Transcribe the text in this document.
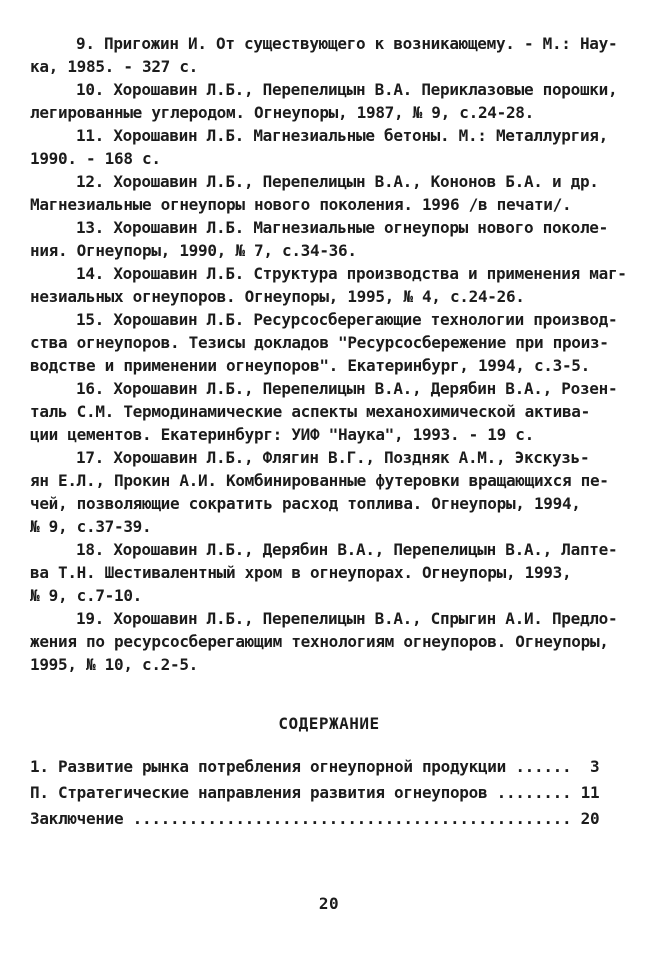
9. Пригожин И. От существующего к возникающему. - М.: Нау-
ка, 1985. - 327 с.
10. Хорошавин Л.Б., Перепелицын В.А. Периклазовые порошки,
легированные углеродом. Огнеупоры, 1987, № 9, с.24-28.
11. Хорошавин Л.Б. Магнезиальные бетоны. М.: Металлургия,
1990. - 168 с.
12. Хорошавин Л.Б., Перепелицын В.А., Кононов Б.А. и др.
Магнезиальные огнеупоры нового поколения. 1996 /в печати/.
13. Хорошавин Л.Б. Магнезиальные огнеупоры нового поколе-
ния. Огнеупоры, 1990, № 7, с.34-36.
14. Хорошавин Л.Б. Структура производства и применения маг-
незиальных огнеупоров. Огнеупоры, 1995, № 4, с.24-26.
15. Хорошавин Л.Б. Ресурсосберегающие технологии производ-
ства огнеупоров. Тезисы докладов "Ресурсосбережение при произ-
водстве и применении огнеупоров". Екатеринбург, 1994, с.3-5.
16. Хорошавин Л.Б., Перепелицын В.А., Дерябин В.А., Розен-
таль С.М. Термодинамические аспекты механохимической актива-
ции цементов. Екатеринбург: УИФ "Наука", 1993. - 19 с.
17. Хорошавин Л.Б., Флягин В.Г., Поздняк А.М., Экскузь-
ян Е.Л., Прокин А.И. Комбинированные футеровки вращающихся пе-
чей, позволяющие сократить расход топлива. Огнеупоры, 1994,
№ 9, с.37-39.
18. Хорошавин Л.Б., Дерябин В.А., Перепелицын В.А., Лапте-
ва Т.Н. Шестивалентный хром в огнеупорах. Огнеупоры, 1993,
№ 9, с.7-10.
19. Хорошавин Л.Б., Перепелицын В.А., Спрыгин А.И. Предло-
жения по ресурсосберегающим технологиям огнеупоров. Огнеупоры,
1995, № 10, с.2-5.
СОДЕРЖАНИЕ
1. Развитие рынка потребления огнеупорной продукции ......  3
П. Стратегические направления развития огнеупоров ........ 11
Заключение ............................................... 20
20
